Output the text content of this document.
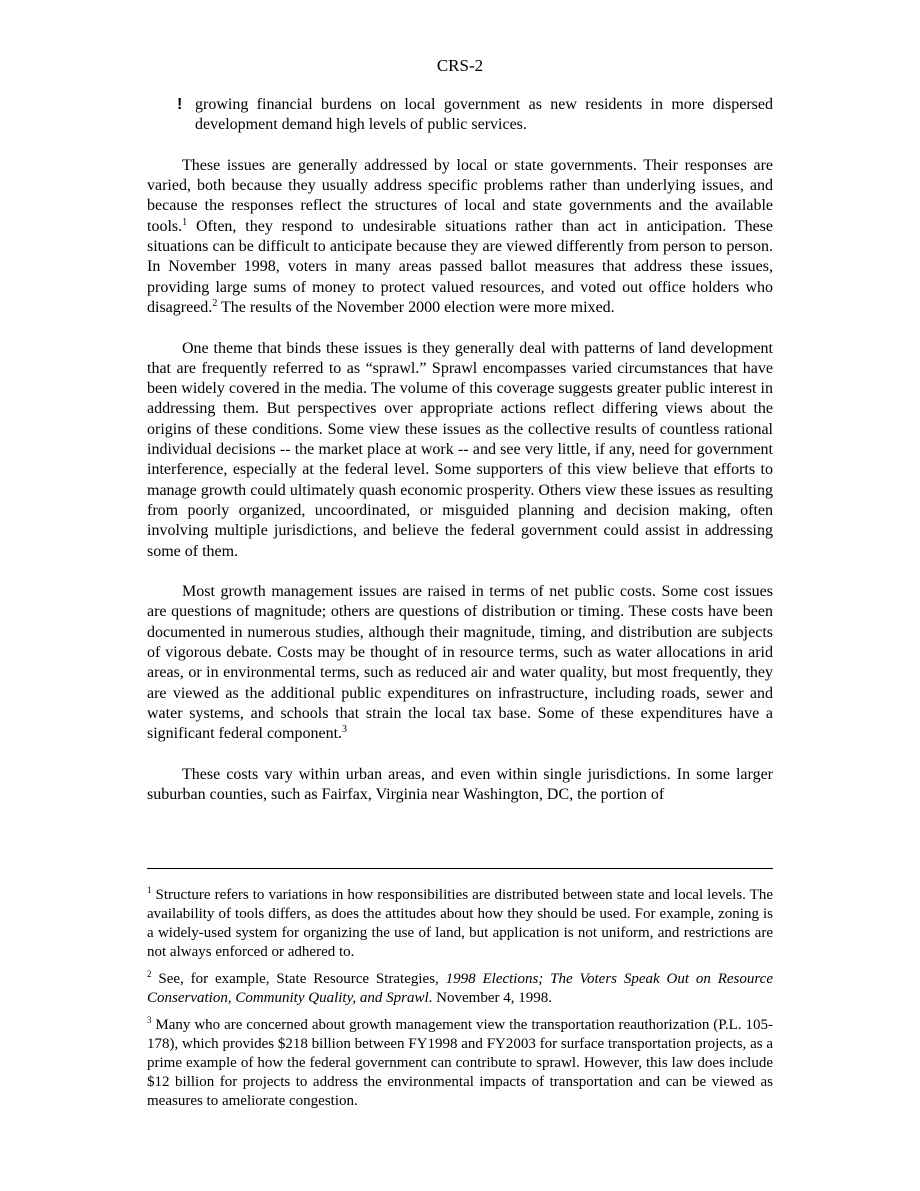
CRS-2
! growing financial burdens on local government as new residents in more dispersed development demand high levels of public services.

These issues are generally addressed by local or state governments. Their responses are varied, both because they usually address specific problems rather than underlying issues, and because the responses reflect the structures of local and state governments and the available tools.$^1$ Often, they respond to undesirable situations rather than act in anticipation. These situations can be difficult to anticipate because they are viewed differently from person to person. In November 1998, voters in many areas passed ballot measures that address these issues, providing large sums of money to protect valued resources, and voted out office holders who disagreed.$^2$ The results of the November 2000 election were more mixed.

One theme that binds these issues is they generally deal with patterns of land development that are frequently referred to as “sprawl.” Sprawl encompasses varied circumstances that have been widely covered in the media. The volume of this coverage suggests greater public interest in addressing them. But perspectives over appropriate actions reflect differing views about the origins of these conditions. Some view these issues as the collective results of countless rational individual decisions -- the market place at work -- and see very little, if any, need for government interference, especially at the federal level. Some supporters of this view believe that efforts to manage growth could ultimately quash economic prosperity. Others view these issues as resulting from poorly organized, uncoordinated, or misguided planning and decision making, often involving multiple jurisdictions, and believe the federal government could assist in addressing some of them.

Most growth management issues are raised in terms of net public costs. Some cost issues are questions of magnitude; others are questions of distribution or timing. These costs have been documented in numerous studies, although their magnitude, timing, and distribution are subjects of vigorous debate. Costs may be thought of in resource terms, such as water allocations in arid areas, or in environmental terms, such as reduced air and water quality, but most frequently, they are viewed as the additional public expenditures on infrastructure, including roads, sewer and water systems, and schools that strain the local tax base. Some of these expenditures have a significant federal component.$^3$

These costs vary within urban areas, and even within single jurisdictions. In some larger suburban counties, such as Fairfax, Virginia near Washington, DC, the portion of

$^1$ Structure refers to variations in how responsibilities are distributed between state and local levels. The availability of tools differs, as does the attitudes about how they should be used. For example, zoning is a widely-used system for organizing the use of land, but application is not uniform, and restrictions are not always enforced or adhered to.

$^2$ See, for example, State Resource Strategies, 1998 Elections; The Voters Speak Out on Resource Conservation, Community Quality, and Sprawl. November 4, 1998.

$^3$ Many who are concerned about growth management view the transportation reauthorization (P.L. 105-178), which provides $218 billion between FY1998 and FY2003 for surface transportation projects, as a prime example of how the federal government can contribute to sprawl. However, this law does include $12 billion for projects to address the environmental impacts of transportation and can be viewed as measures to ameliorate congestion.
